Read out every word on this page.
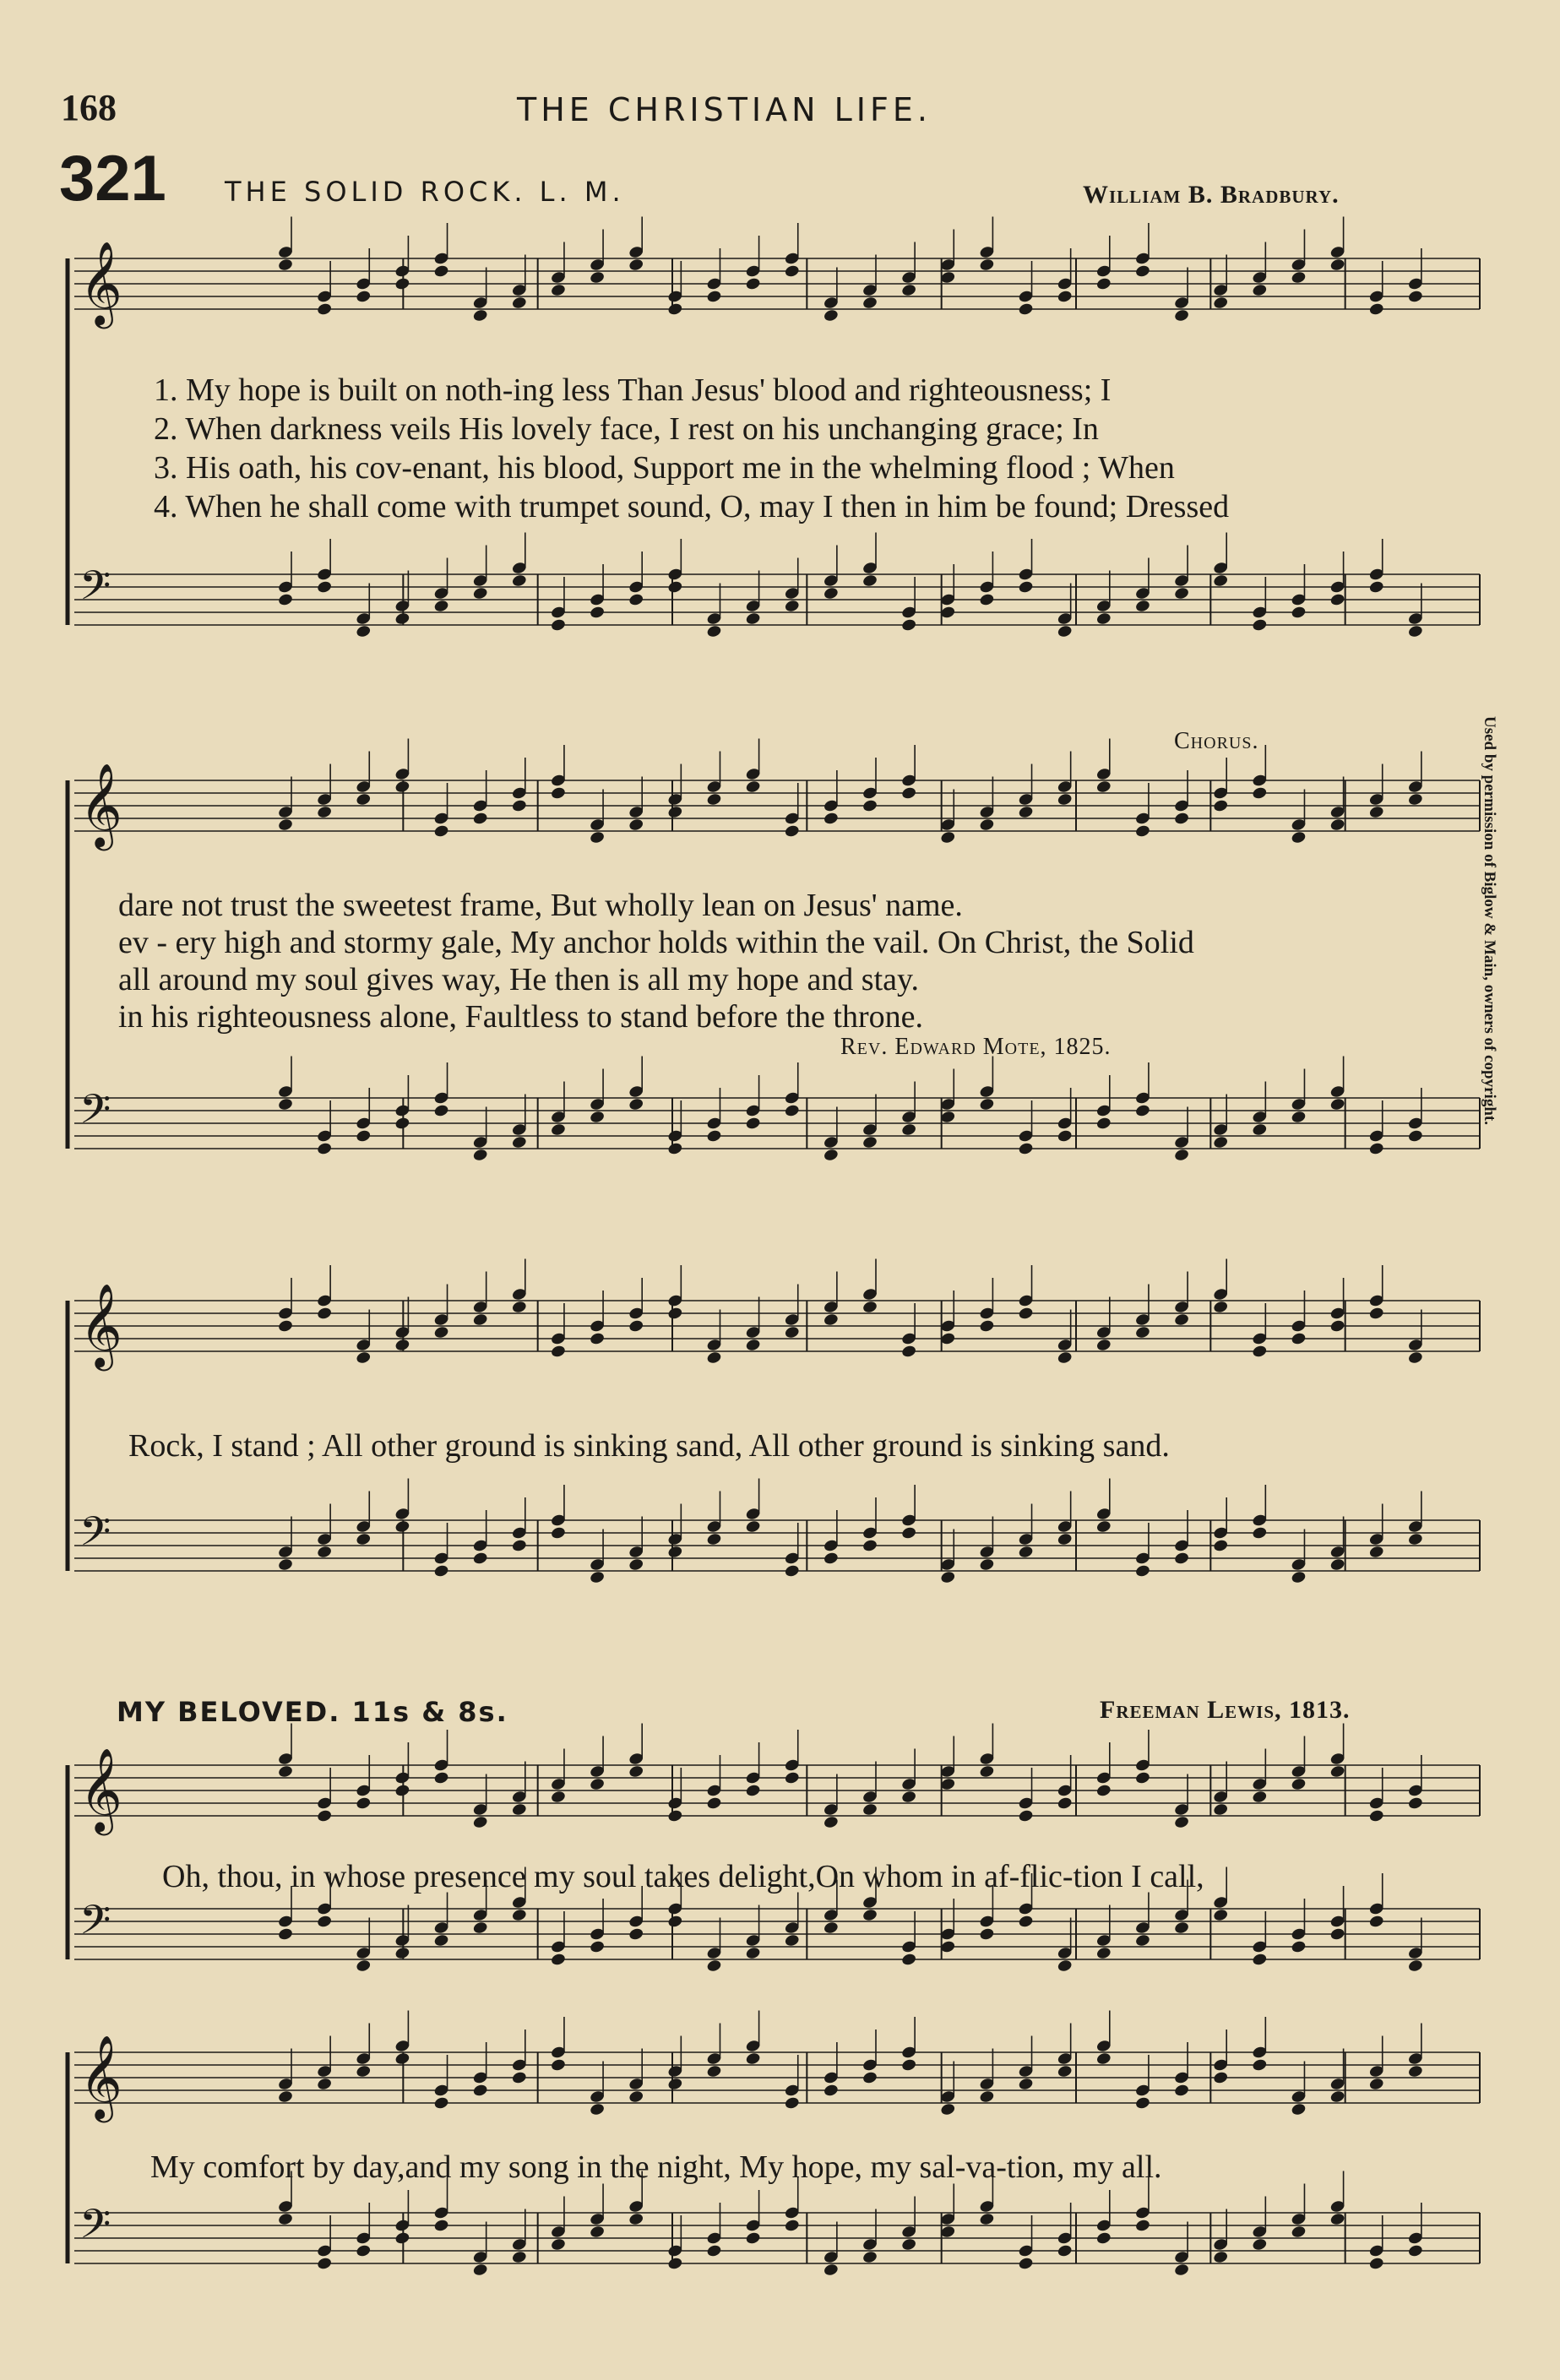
𝄞
𝄢
𝄞
𝄢
𝄞
𝄢
𝄞
𝄢
𝄞
𝄢
168	THE CHRISTIAN LIFE.
321 THE SOLID ROCK. L. M.	William B. Bradbury.
1. My hope is built on noth-ing less Than Jesus' blood and righteousness; I
2. When darkness veils His lovely face, I rest on his unchanging grace; In
3. His oath, his cov-enant, his blood, Support me in the whelming flood ; When
4. When he shall come with trumpet sound, O, may I then in him be found; Dressed
Chorus.
dare not trust the sweetest frame, But wholly lean on Jesus' name.
ev - ery high and stormy gale, My anchor holds within the vail. On Christ, the Solid
all around my soul gives way, He then is all my hope and stay.
in his righteousness alone, Faultless to stand before the throne.
Rev. Edward Mote, 1825.
Rock, I stand ; All other ground is sinking sand, All other ground is sinking sand.
Used by permission of Biglow & Main, owners of copyright.
MY BELOVED. 11s & 8s.	Freeman Lewis, 1813.
Oh, thou, in whose presence my soul takes delight,On whom in af-flic-tion I call,
My comfort by day,and my song in the night, My hope, my sal-va-tion, my all.
